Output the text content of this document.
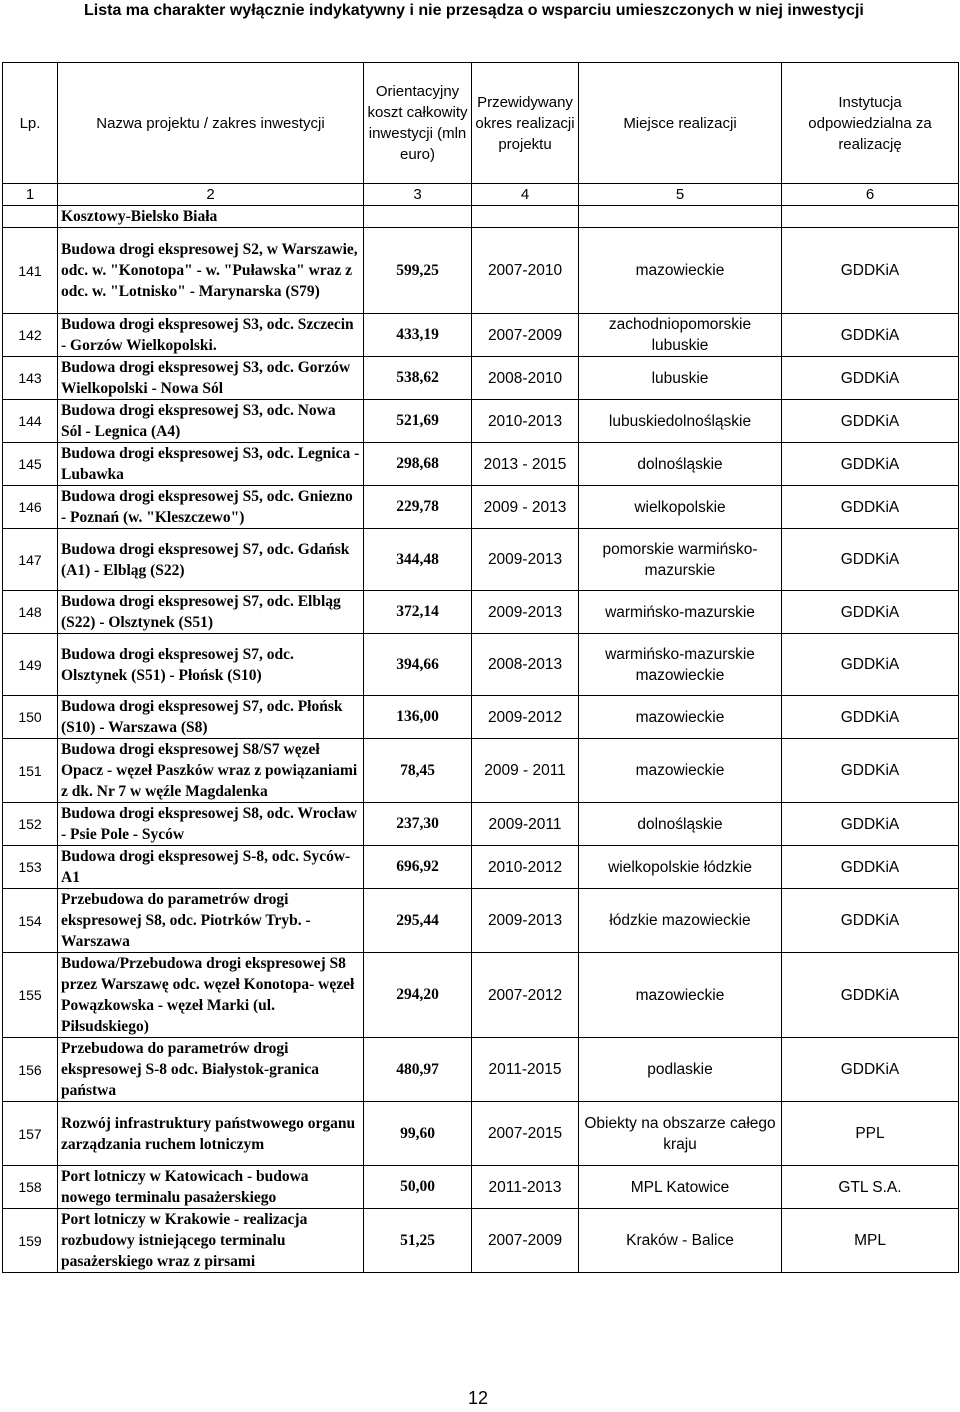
Lista ma charakter wyłącznie indykatywny i nie przesądza o wsparciu umieszczonych w niej inwestycji
Lp.	Nazwa projektu / zakres inwestycji	Orientacyjny koszt całkowity inwestycji (mln euro)	Przewidywany okres realizacji projektu	Miejsce realizacji	Instytucja odpowiedzialna za realizację
1	2	3	4	5	6
	Kosztowy-Bielsko Biała				
141	Budowa drogi ekspresowej S2, w Warszawie, odc. w. "Konotopa" - w. "Puławska" wraz z odc. w. "Lotnisko" - Marynarska (S79)	599,25	2007-2010	mazowieckie	GDDKiA
142	Budowa drogi ekspresowej S3, odc. Szczecin - Gorzów Wielkopolski.	433,19	2007-2009	zachodniopomorskie lubuskie	GDDKiA
143	Budowa drogi ekspresowej S3, odc. Gorzów Wielkopolski - Nowa Sól	538,62	2008-2010	lubuskie	GDDKiA
144	Budowa drogi ekspresowej S3, odc. Nowa Sól - Legnica (A4)	521,69	2010-2013	lubuskiedolnośląskie	GDDKiA
145	Budowa drogi ekspresowej S3, odc. Legnica - Lubawka	298,68	2013 - 2015	dolnośląskie	GDDKiA
146	Budowa drogi ekspresowej S5, odc. Gniezno - Poznań (w. "Kleszczewo")	229,78	2009 - 2013	wielkopolskie	GDDKiA
147	Budowa drogi ekspresowej S7, odc. Gdańsk (A1) - Elbląg (S22)	344,48	2009-2013	pomorskie warmińsko-mazurskie	GDDKiA
148	Budowa drogi ekspresowej S7, odc. Elbląg (S22) - Olsztynek (S51)	372,14	2009-2013	warmińsko-mazurskie	GDDKiA
149	Budowa drogi ekspresowej S7, odc. Olsztynek (S51) - Płońsk (S10)	394,66	2008-2013	warmińsko-mazurskie mazowieckie	GDDKiA
150	Budowa drogi ekspresowej S7, odc. Płońsk (S10) - Warszawa (S8)	136,00	2009-2012	mazowieckie	GDDKiA
151	Budowa drogi ekspresowej S8/S7 węzeł Opacz - węzeł Paszków wraz z powiązaniami z dk. Nr 7 w węźle Magdalenka	78,45	2009 - 2011	mazowieckie	GDDKiA
152	Budowa drogi ekspresowej S8, odc. Wrocław - Psie Pole - Syców	237,30	2009-2011	dolnośląskie	GDDKiA
153	Budowa drogi ekspresowej S-8, odc. Syców-A1	696,92	2010-2012	wielkopolskie łódzkie	GDDKiA
154	Przebudowa do parametrów drogi ekspresowej S8, odc. Piotrków Tryb. - Warszawa	295,44	2009-2013	łódzkie mazowieckie	GDDKiA
155	Budowa/Przebudowa drogi ekspresowej S8 przez Warszawę odc. węzeł Konotopa- węzeł Powązkowska - węzeł Marki (ul. Piłsudskiego)	294,20	2007-2012	mazowieckie	GDDKiA
156	Przebudowa do parametrów drogi ekspresowej S-8 odc. Białystok-granica państwa	480,97	2011-2015	podlaskie	GDDKiA
157	Rozwój infrastruktury państwowego organu zarządzania ruchem lotniczym	99,60	2007-2015	Obiekty na obszarze całego kraju	PPL
158	Port lotniczy w Katowicach - budowa nowego terminalu pasażerskiego	50,00	2011-2013	MPL Katowice	GTL S.A.
159	Port lotniczy w Krakowie - realizacja rozbudowy istniejącego terminalu pasażerskiego wraz z pirsami	51,25	2007-2009	Kraków - Balice	MPL
12
